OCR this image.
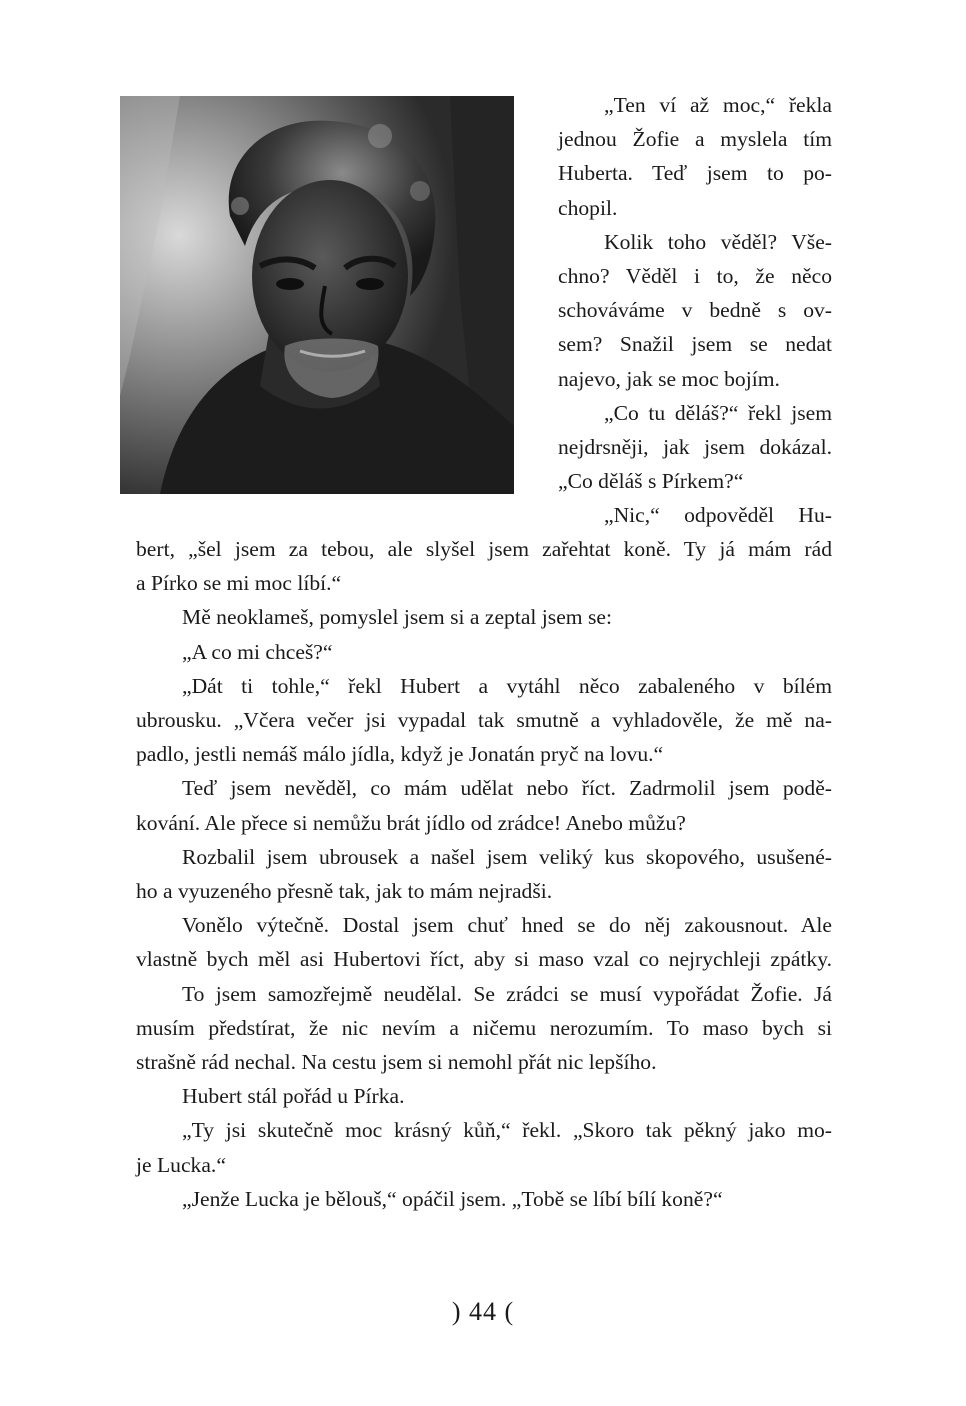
„Ten ví až moc,“ řekla

jednou Žofie a myslela tím

Huberta. Teď jsem to po-

chopil.

Kolik toho věděl? Vše-

chno? Věděl i to, že něco

schováváme v bedně s ov-

sem? Snažil jsem se nedat

najevo, jak se moc bojím.

„Co tu děláš?“ řekl jsem

nejdrsněji, jak jsem dokázal.

„Co děláš s Pírkem?“

„Nic,“ odpověděl Hu-

bert, „šel jsem za tebou, ale slyšel jsem zařehtat koně. Ty já mám rád

a Pírko se mi moc líbí.“

Mě neoklameš, pomyslel jsem si a zeptal jsem se:

„A co mi chceš?“

„Dát ti tohle,“ řekl Hubert a vytáhl něco zabaleného v bílém

ubrousku. „Včera večer jsi vypadal tak smutně a vyhladověle, že mě na-

padlo, jestli nemáš málo jídla, když je Jonatán pryč na lovu.“

Teď jsem nevěděl, co mám udělat nebo říct. Zadrmolil jsem podě-

kování. Ale přece si nemůžu brát jídlo od zrádce! Anebo můžu?

Rozbalil jsem ubrousek a našel jsem veliký kus skopového, usušené-

ho a vyuzeného přesně tak, jak to mám nejradši.

Vonělo výtečně. Dostal jsem chuť hned se do něj zakousnout. Ale

vlastně bych měl asi Hubertovi říct, aby si maso vzal co nejrychleji zpátky.

To jsem samozřejmě neudělal. Se zrádci se musí vypořádat Žofie. Já

musím předstírat, že nic nevím a ničemu nerozumím. To maso bych si

strašně rád nechal. Na cestu jsem si nemohl přát nic lepšího.

Hubert stál pořád u Pírka.

„Ty jsi skutečně moc krásný kůň,“ řekl. „Skoro tak pěkný jako mo-

je Lucka.“

„Jenže Lucka je bělouš,“ opáčil jsem. „Tobě se líbí bílí koně?“

) 44 (
